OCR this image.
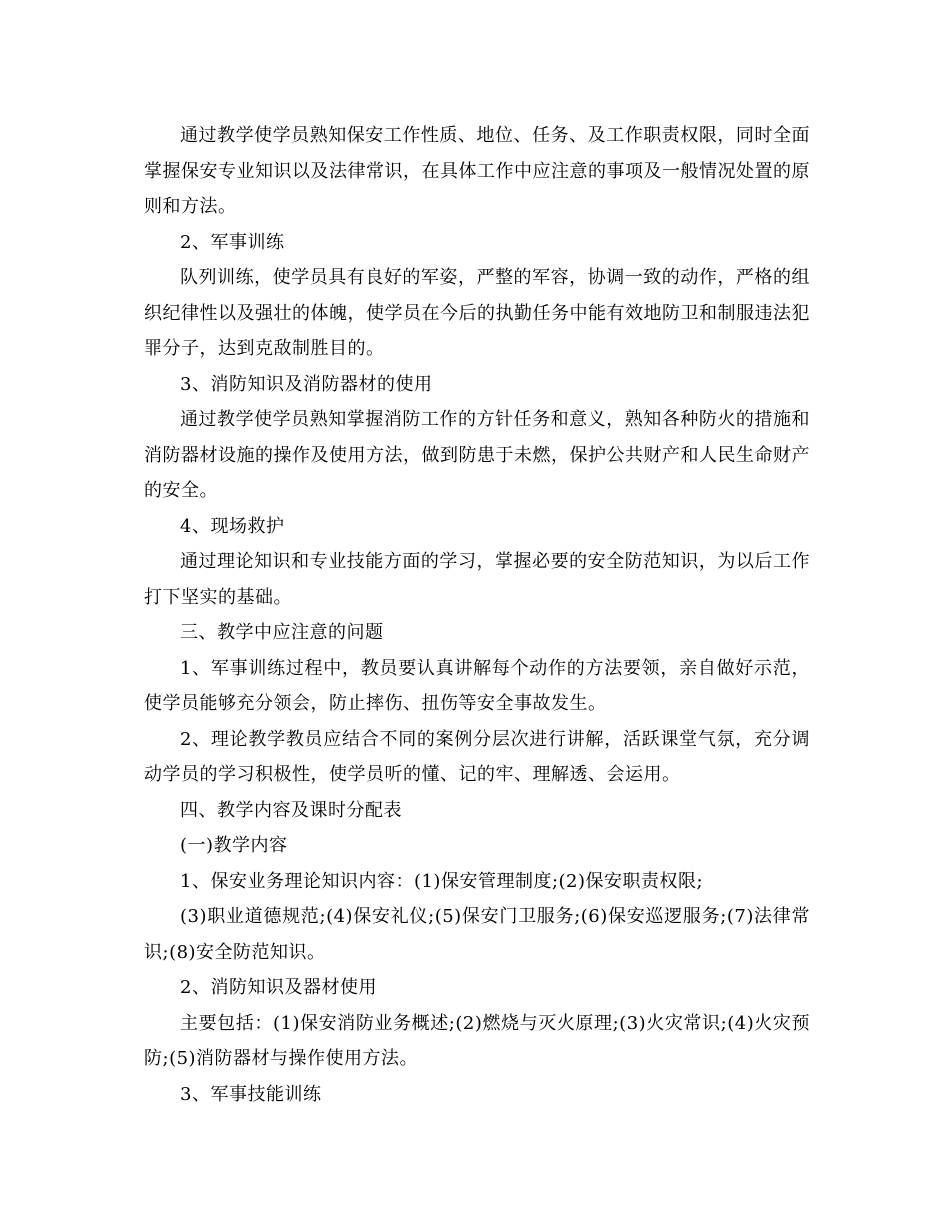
通过教学使学员熟知保安工作性质、地位、任务、及工作职责权限，同时全面掌握保安专业知识以及法律常识，在具体工作中应注意的事项及一般情况处置的原则和方法。

2、军事训练

队列训练，使学员具有良好的军姿，严整的军容，协调一致的动作，严格的组织纪律性以及强壮的体魄，使学员在今后的执勤任务中能有效地防卫和制服违法犯罪分子，达到克敌制胜目的。

3、消防知识及消防器材的使用

通过教学使学员熟知掌握消防工作的方针任务和意义，熟知各种防火的措施和消防器材设施的操作及使用方法，做到防患于未燃，保护公共财产和人民生命财产的安全。

4、现场救护

通过理论知识和专业技能方面的学习，掌握必要的安全防范知识，为以后工作打下坚实的基础。

三、教学中应注意的问题

1、军事训练过程中，教员要认真讲解每个动作的方法要领，亲自做好示范，使学员能够充分领会，防止摔伤、扭伤等安全事故发生。

2、理论教学教员应结合不同的案例分层次进行讲解，活跃课堂气氛，充分调动学员的学习积极性，使学员听的懂、记的牢、理解透、会运用。

四、教学内容及课时分配表

(一)教学内容

1、保安业务理论知识内容：(1)保安管理制度;(2)保安职责权限;

(3)职业道德规范;(4)保安礼仪;(5)保安门卫服务;(6)保安巡逻服务;(7)法律常识;(8)安全防范知识。

2、消防知识及器材使用

主要包括：(1)保安消防业务概述;(2)燃烧与灭火原理;(3)火灾常识;(4)火灾预防;(5)消防器材与操作使用方法。

3、军事技能训练
